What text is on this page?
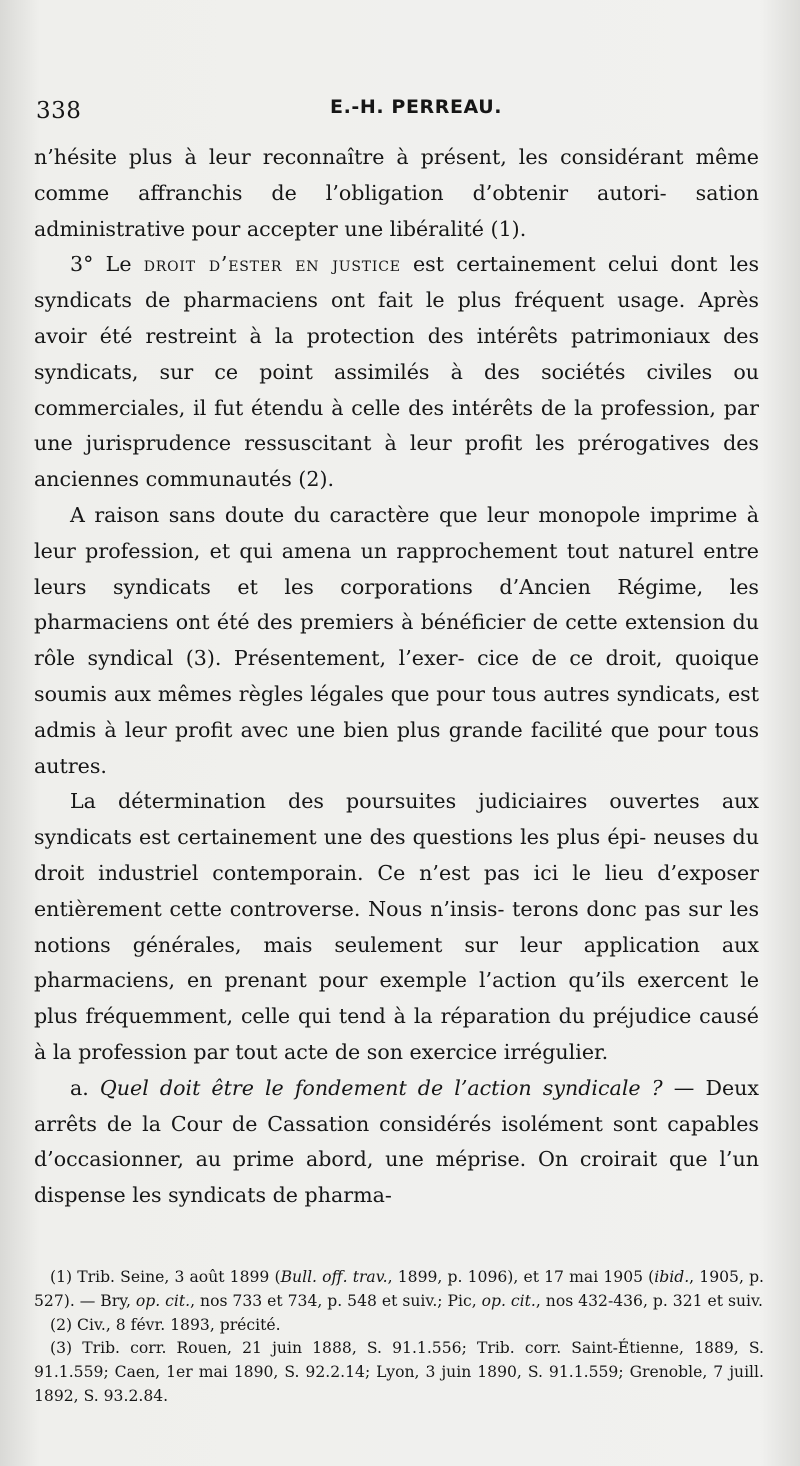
338	E.-H. PERREAU.

n’hésite plus à leur reconnaître à présent, les considérant même comme affranchis de l’obligation d’obtenir autori- sation administrative pour accepter une libéralité (1).

3° Le droit d’ester en justice est certainement celui dont les syndicats de pharmaciens ont fait le plus fréquent usage. Après avoir été restreint à la protection des intérêts patrimoniaux des syndicats, sur ce point assimilés à des sociétés civiles ou commerciales, il fut étendu à celle des intérêts de la profession, par une jurisprudence ressuscitant à leur profit les prérogatives des anciennes communautés (2).

A raison sans doute du caractère que leur monopole imprime à leur profession, et qui amena un rapprochement tout naturel entre leurs syndicats et les corporations d’Ancien Régime, les pharmaciens ont été des premiers à bénéficier de cette extension du rôle syndical (3). Présentement, l’exer- cice de ce droit, quoique soumis aux mêmes règles légales que pour tous autres syndicats, est admis à leur profit avec une bien plus grande facilité que pour tous autres.

La détermination des poursuites judiciaires ouvertes aux syndicats est certainement une des questions les plus épi- neuses du droit industriel contemporain. Ce n’est pas ici le lieu d’exposer entièrement cette controverse. Nous n’insis- terons donc pas sur les notions générales, mais seulement sur leur application aux pharmaciens, en prenant pour exemple l’action qu’ils exercent le plus fréquemment, celle qui tend à la réparation du préjudice causé à la profession par tout acte de son exercice irrégulier.

a. Quel doit être le fondement de l’action syndicale ? — Deux arrêts de la Cour de Cassation considérés isolément sont capables d’occasionner, au prime abord, une méprise. On croirait que l’un dispense les syndicats de pharma-

(1) Trib. Seine, 3 août 1899 (Bull. off. trav., 1899, p. 1096), et 17 mai 1905 (ibid., 1905, p. 527). — Bry, op. cit., nos 733 et 734, p. 548 et suiv.; Pic, op. cit., nos 432-436, p. 321 et suiv.

(2) Civ., 8 févr. 1893, précité.

(3) Trib. corr. Rouen, 21 juin 1888, S. 91.1.556; Trib. corr. Saint-Étienne, 1889, S. 91.1.559; Caen, 1er mai 1890, S. 92.2.14; Lyon, 3 juin 1890, S. 91.1.559; Grenoble, 7 juill. 1892, S. 93.2.84.
